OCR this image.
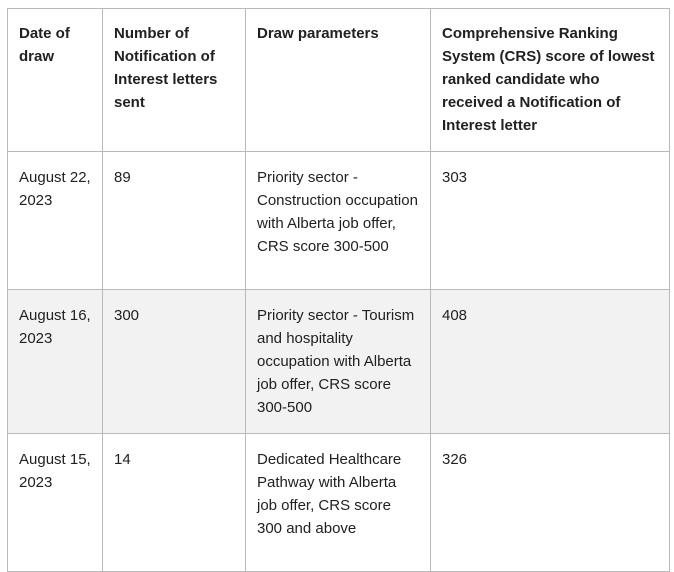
Date of draw	Number of Notification of Interest letters sent	Draw parameters	Comprehensive Ranking System (CRS) score of lowest ranked candidate who received a Notification of Interest letter
August 22, 2023	89	Priority sector - Construction occupation with Alberta job offer, CRS score 300-500	303
August 16, 2023	300	Priority sector - Tourism and hospitality occupation with Alberta job offer, CRS score 300-500	408
August 15, 2023	14	Dedicated Healthcare Pathway with Alberta job offer, CRS score 300 and above	326
